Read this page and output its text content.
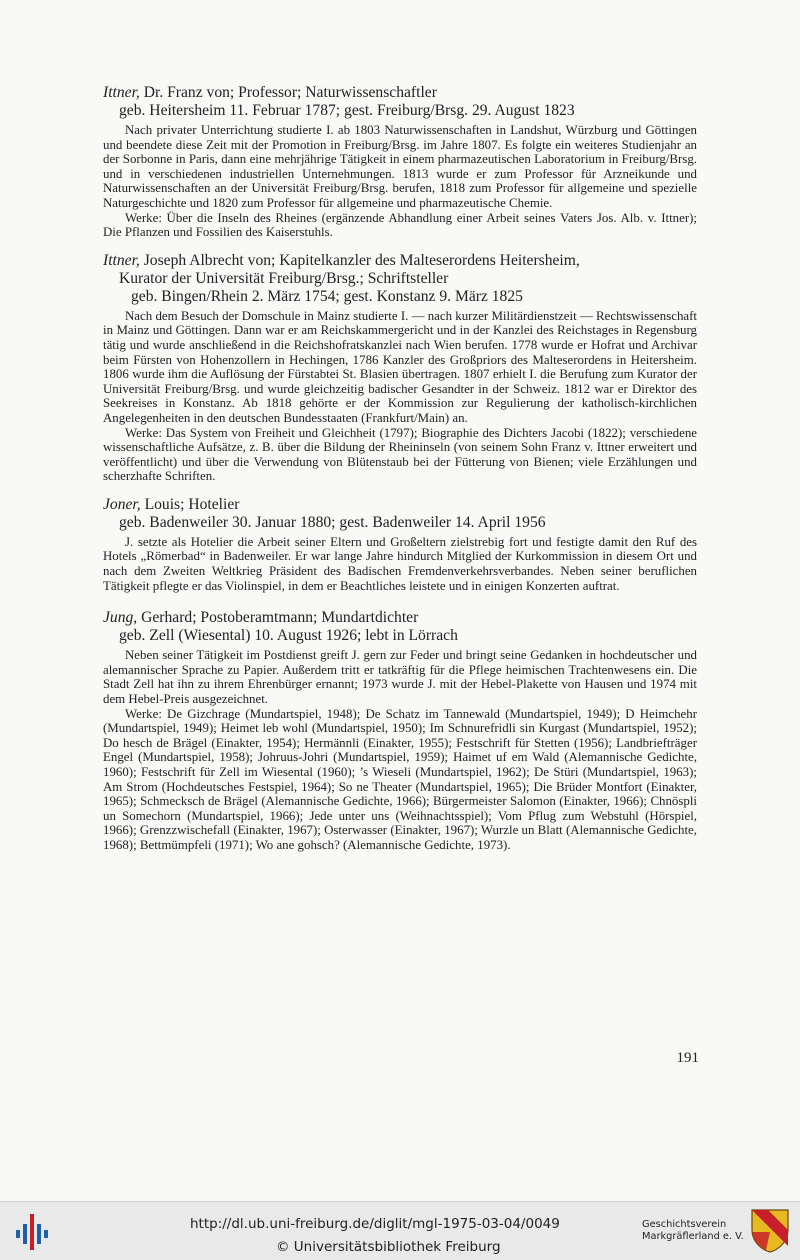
Ittner, Dr. Franz von; Professor; Naturwissenschaftler

geb. Heitersheim 11. Februar 1787; gest. Freiburg/Brsg. 29. August 1823

Nach privater Unterrichtung studierte I. ab 1803 Naturwissenschaften in Landshut, Würzburg und Göttingen und beendete diese Zeit mit der Promotion in Freiburg/Brsg. im Jahre 1807. Es folgte ein weiteres Studienjahr an der Sorbonne in Paris, dann eine mehrjährige Tätigkeit in einem pharmazeutischen Laboratorium in Freiburg/Brsg. und in verschiedenen industriellen Unternehmungen. 1813 wurde er zum Professor für Arzneikunde und Naturwissenschaften an der Universität Freiburg/Brsg. berufen, 1818 zum Professor für allgemeine und spezielle Naturgeschichte und 1820 zum Professor für allgemeine und pharmazeutische Chemie.

Werke: Über die Inseln des Rheines (ergänzende Abhandlung einer Arbeit seines Vaters Jos. Alb. v. Ittner); Die Pflanzen und Fossilien des Kaiserstuhls.

Ittner, Joseph Albrecht von; Kapitelkanzler des Malteserordens Heitersheim,

Kurator der Universität Freiburg/Brsg.; Schriftsteller

geb. Bingen/Rhein 2. März 1754; gest. Konstanz 9. März 1825

Nach dem Besuch der Domschule in Mainz studierte I. — nach kurzer Militärdienstzeit — Rechtswissenschaft in Mainz und Göttingen. Dann war er am Reichskammergericht und in der Kanzlei des Reichstages in Regensburg tätig und wurde anschließend in die Reichshofratskanzlei nach Wien berufen. 1778 wurde er Hofrat und Archivar beim Fürsten von Hohenzollern in Hechingen, 1786 Kanzler des Großpriors des Malteserordens in Heitersheim. 1806 wurde ihm die Auflösung der Fürstabtei St. Blasien übertragen. 1807 erhielt I. die Berufung zum Kurator der Universität Freiburg/Brsg. und wurde gleichzeitig badischer Gesandter in der Schweiz. 1812 war er Direktor des Seekreises in Konstanz. Ab 1818 gehörte er der Kommission zur Regulierung der katholisch-kirchlichen Angelegenheiten in den deutschen Bundesstaaten (Frankfurt/Main) an.

Werke: Das System von Freiheit und Gleichheit (1797); Biographie des Dichters Jacobi (1822); verschiedene wissenschaftliche Aufsätze, z. B. über die Bildung der Rheininseln (von seinem Sohn Franz v. Ittner erweitert und veröffentlicht) und über die Verwendung von Blütenstaub bei der Fütterung von Bienen; viele Erzählungen und scherzhafte Schriften.

Joner, Louis; Hotelier

geb. Badenweiler 30. Januar 1880; gest. Badenweiler 14. April 1956

J. setzte als Hotelier die Arbeit seiner Eltern und Großeltern zielstrebig fort und festigte damit den Ruf des Hotels „Römerbad“ in Badenweiler. Er war lange Jahre hindurch Mitglied der Kurkommission in diesem Ort und nach dem Zweiten Weltkrieg Präsident des Badischen Fremdenverkehrsverbandes. Neben seiner beruflichen Tätigkeit pflegte er das Violinspiel, in dem er Beachtliches leistete und in einigen Konzerten auftrat.

Jung, Gerhard; Postoberamtmann; Mundartdichter

geb. Zell (Wiesental) 10. August 1926; lebt in Lörrach

Neben seiner Tätigkeit im Postdienst greift J. gern zur Feder und bringt seine Gedanken in hochdeutscher und alemannischer Sprache zu Papier. Außerdem tritt er tatkräftig für die Pflege heimischen Trachtenwesens ein. Die Stadt Zell hat ihn zu ihrem Ehrenbürger ernannt; 1973 wurde J. mit der Hebel-Plakette von Hausen und 1974 mit dem Hebel-Preis ausgezeichnet.

Werke: De Gizchrage (Mundartspiel, 1948); De Schatz im Tannewald (Mundartspiel, 1949); D Heimchehr (Mundartspiel, 1949); Heimet leb wohl (Mundartspiel, 1950); Im Schnurefridli sin Kurgast (Mundartspiel, 1952); Do hesch de Brägel (Einakter, 1954); Hermännli (Einakter, 1955); Festschrift für Stetten (1956); Landbriefträger Engel (Mundartspiel, 1958); Johruus-Johri (Mundartspiel, 1959); Haimet uf em Wald (Alemannische Gedichte, 1960); Festschrift für Zell im Wiesental (1960); ’s Wieseli (Mundartspiel, 1962); De Stüri (Mundartspiel, 1963); Am Strom (Hochdeutsches Festspiel, 1964); So ne Theater (Mundartspiel, 1965); Die Brüder Montfort (Einakter, 1965); Schmecksch de Brägel (Alemannische Gedichte, 1966); Bürgermeister Salomon (Einakter, 1966); Chnöspli un Somechorn (Mundartspiel, 1966); Jede unter uns (Weihnachtsspiel); Vom Pflug zum Webstuhl (Hörspiel, 1966); Grenzzwischefall (Einakter, 1967); Osterwasser (Einakter, 1967); Wurzle un Blatt (Alemannische Gedichte, 1968); Bettmümpfeli (1971); Wo ane gohsch? (Alemannische Gedichte, 1973).

191
http://dl.ub.uni-freiburg.de/diglit/mgl-1975-03-04/0049
© Universitätsbibliothek Freiburg
Geschichtsverein
Markgräflerland e. V.
